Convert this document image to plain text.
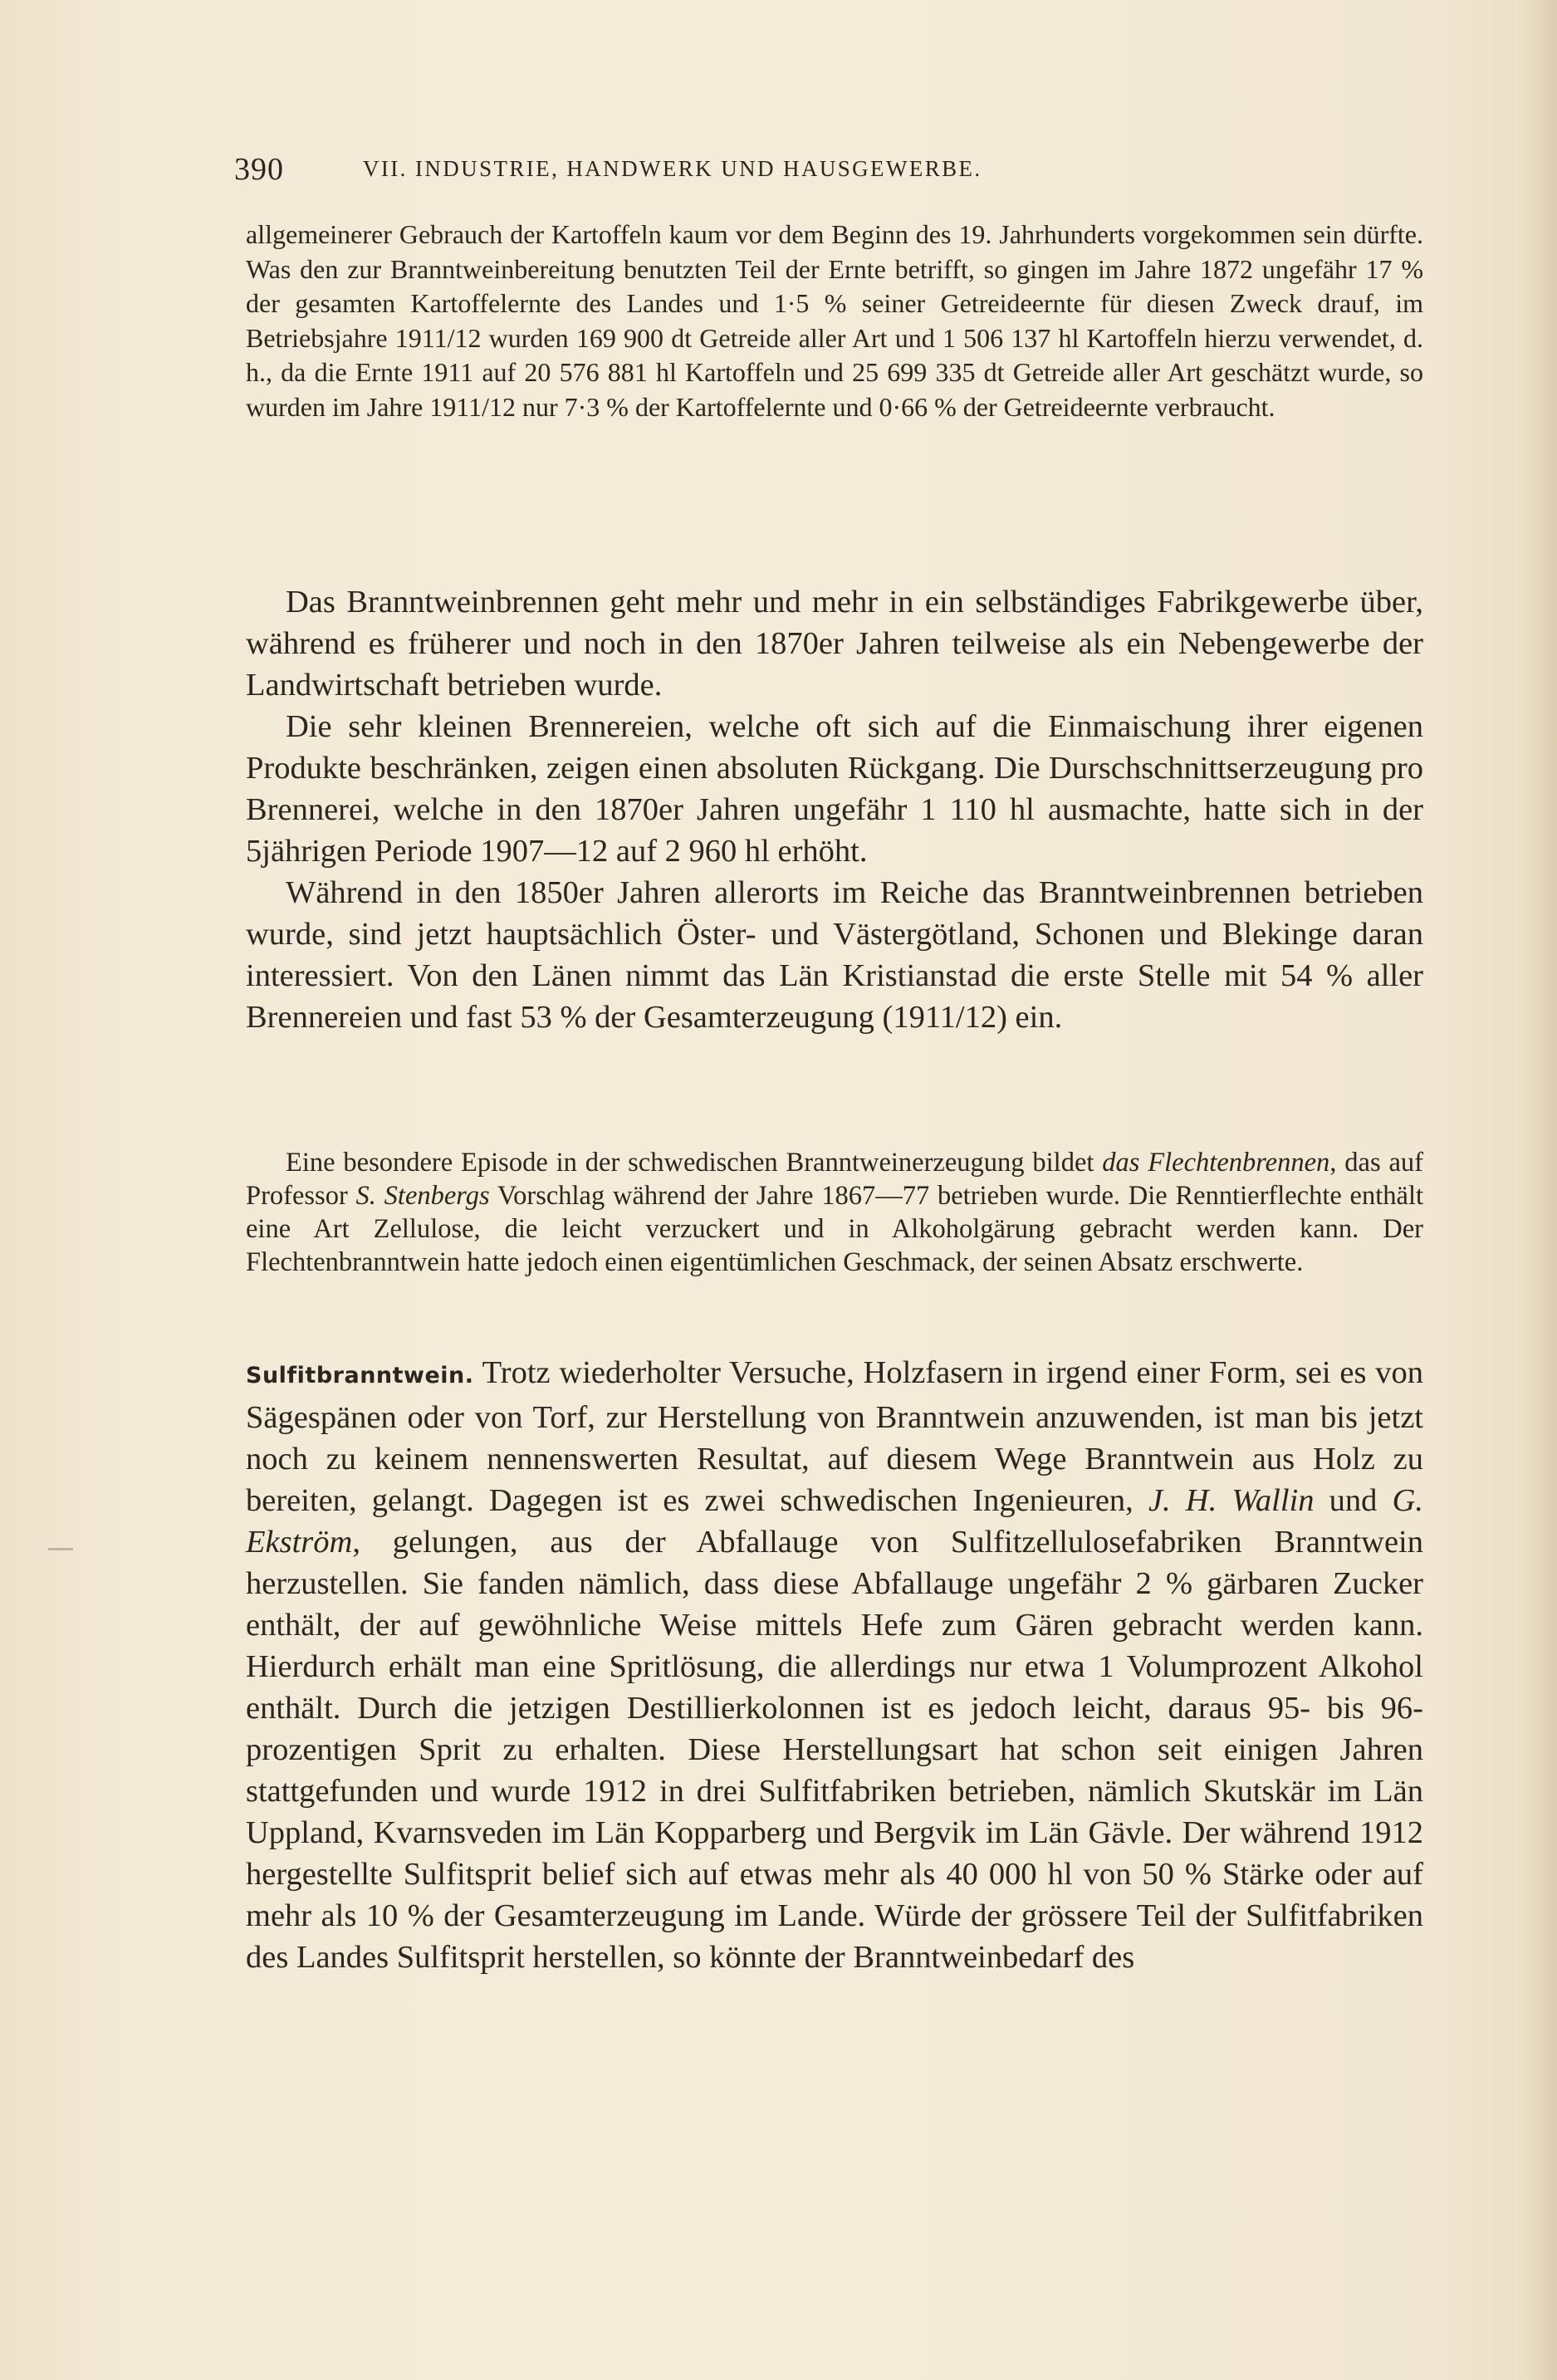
390	VII. INDUSTRIE, HANDWERK UND HAUSGEWERBE.

allgemeinerer Gebrauch der Kartoffeln kaum vor dem Beginn des 19. Jahrhunderts vorgekommen sein dürfte. Was den zur Branntweinbereitung benutzten Teil der Ernte betrifft, so gingen im Jahre 1872 ungefähr 17 % der gesamten Kartoffelernte des Landes und 1·5 % seiner Getreideernte für diesen Zweck drauf, im Betriebsjahre 1911/12 wurden 169 900 dt Getreide aller Art und 1 506 137 hl Kartoffeln hierzu verwendet, d. h., da die Ernte 1911 auf 20 576 881 hl Kartoffeln und 25 699 335 dt Getreide aller Art geschätzt wurde, so wurden im Jahre 1911/12 nur 7·3 % der Kartoffelernte und 0·66 % der Getreideernte verbraucht.

Das Branntweinbrennen geht mehr und mehr in ein selbständiges Fabrikgewerbe über, während es früherer und noch in den 1870er Jahren teilweise als ein Nebengewerbe der Landwirtschaft betrieben wurde.

Die sehr kleinen Brennereien, welche oft sich auf die Einmaischung ihrer eigenen Produkte beschränken, zeigen einen absoluten Rückgang. Die Durschschnittserzeugung pro Brennerei, welche in den 1870er Jahren ungefähr 1 110 hl ausmachte, hatte sich in der 5jährigen Periode 1907—12 auf 2 960 hl erhöht.

Während in den 1850er Jahren allerorts im Reiche das Branntweinbrennen betrieben wurde, sind jetzt hauptsächlich Öster- und Västergötland, Schonen und Blekinge daran interessiert. Von den Länen nimmt das Län Kristianstad die erste Stelle mit 54 % aller Brennereien und fast 53 % der Gesamterzeugung (1911/12) ein.

Eine besondere Episode in der schwedischen Branntweinerzeugung bildet das Flechtenbrennen, das auf Professor S. Stenbergs Vorschlag während der Jahre 1867—77 betrieben wurde. Die Renntierflechte enthält eine Art Zellulose, die leicht verzuckert und in Alkoholgärung gebracht werden kann. Der Flechtenbranntwein hatte jedoch einen eigentümlichen Geschmack, der seinen Absatz erschwerte.

Sulfitbranntwein. Trotz wiederholter Versuche, Holzfasern in irgend einer Form, sei es von Sägespänen oder von Torf, zur Herstellung von Branntwein anzuwenden, ist man bis jetzt noch zu keinem nennenswerten Resultat, auf diesem Wege Branntwein aus Holz zu bereiten, gelangt. Dagegen ist es zwei schwedischen Ingenieuren, J. H. Wallin und G. Ekström, gelungen, aus der Abfallauge von Sulfitzellulosefabriken Branntwein herzustellen. Sie fanden nämlich, dass diese Abfallauge ungefähr 2 % gärbaren Zucker enthält, der auf gewöhnliche Weise mittels Hefe zum Gären gebracht werden kann. Hierdurch erhält man eine Spritlösung, die allerdings nur etwa 1 Volumprozent Alkohol enthält. Durch die jetzigen Destillierkolonnen ist es jedoch leicht, daraus 95- bis 96-prozentigen Sprit zu erhalten. Diese Herstellungsart hat schon seit einigen Jahren stattgefunden und wurde 1912 in drei Sulfitfabriken betrieben, nämlich Skutskär im Län Uppland, Kvarnsveden im Län Kopparberg und Bergvik im Län Gävle. Der während 1912 hergestellte Sulfitsprit belief sich auf etwas mehr als 40 000 hl von 50 % Stärke oder auf mehr als 10 % der Gesamterzeugung im Lande. Würde der grössere Teil der Sulfitfabriken des Landes Sulfitsprit herstellen, so könnte der Branntweinbedarf des
